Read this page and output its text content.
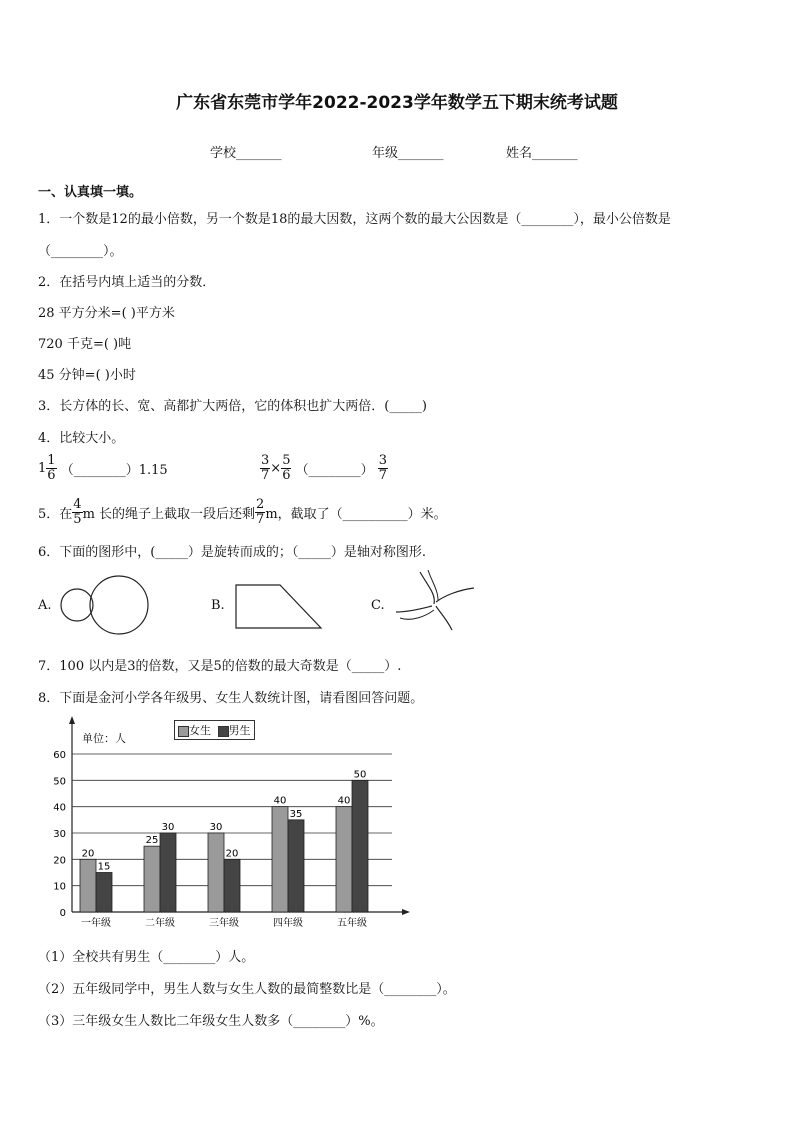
广东省东莞市学年2022-2023学年数学五下期末统考试题
学校_______	年级_______	姓名_______
一、认真填一填。
1．一个数是12的最小倍数，另一个数是18的最大因数，这两个数的最大公因数是（________），最小公倍数是
（________）。
2．在括号内填上适当的分数．
28 平方分米=( )平方米
720 千克=( )吨
45 分钟=( )小时
3．长方体的长、宽、高都扩大两倍，它的体积也扩大两倍．(_____)
4．比较大小。
$1 \frac{1}{6}$ （________）1.15	$\frac{3}{7} \times \frac{5}{6}$ （________） $\frac{3}{7}$
5．在 $\frac{4}{5}$ m 长的绳子上截取一段后还剩 $\frac{2}{7}$ m，截取了（__________）米。
6．下面的图形中，(_____）是旋转而成的；（_____）是轴对称图形.
A.	B.	C.
7．100 以内是3的倍数，又是5的倍数的最大奇数是（_____）.
8．下面是金河小学各年级男、女生人数统计图，请看图回答问题。
0
10
20
30
40
50
60
20
15
一年级
25
30
二年级
30
20
三年级
40
35
四年级
40
50
五年级
单位：人
女生 男生
（1）全校共有男生（________）人。
（2）五年级同学中，男生人数与女生人数的最简整数比是（________）。
（3）三年级女生人数比二年级女生人数多（________）%。
